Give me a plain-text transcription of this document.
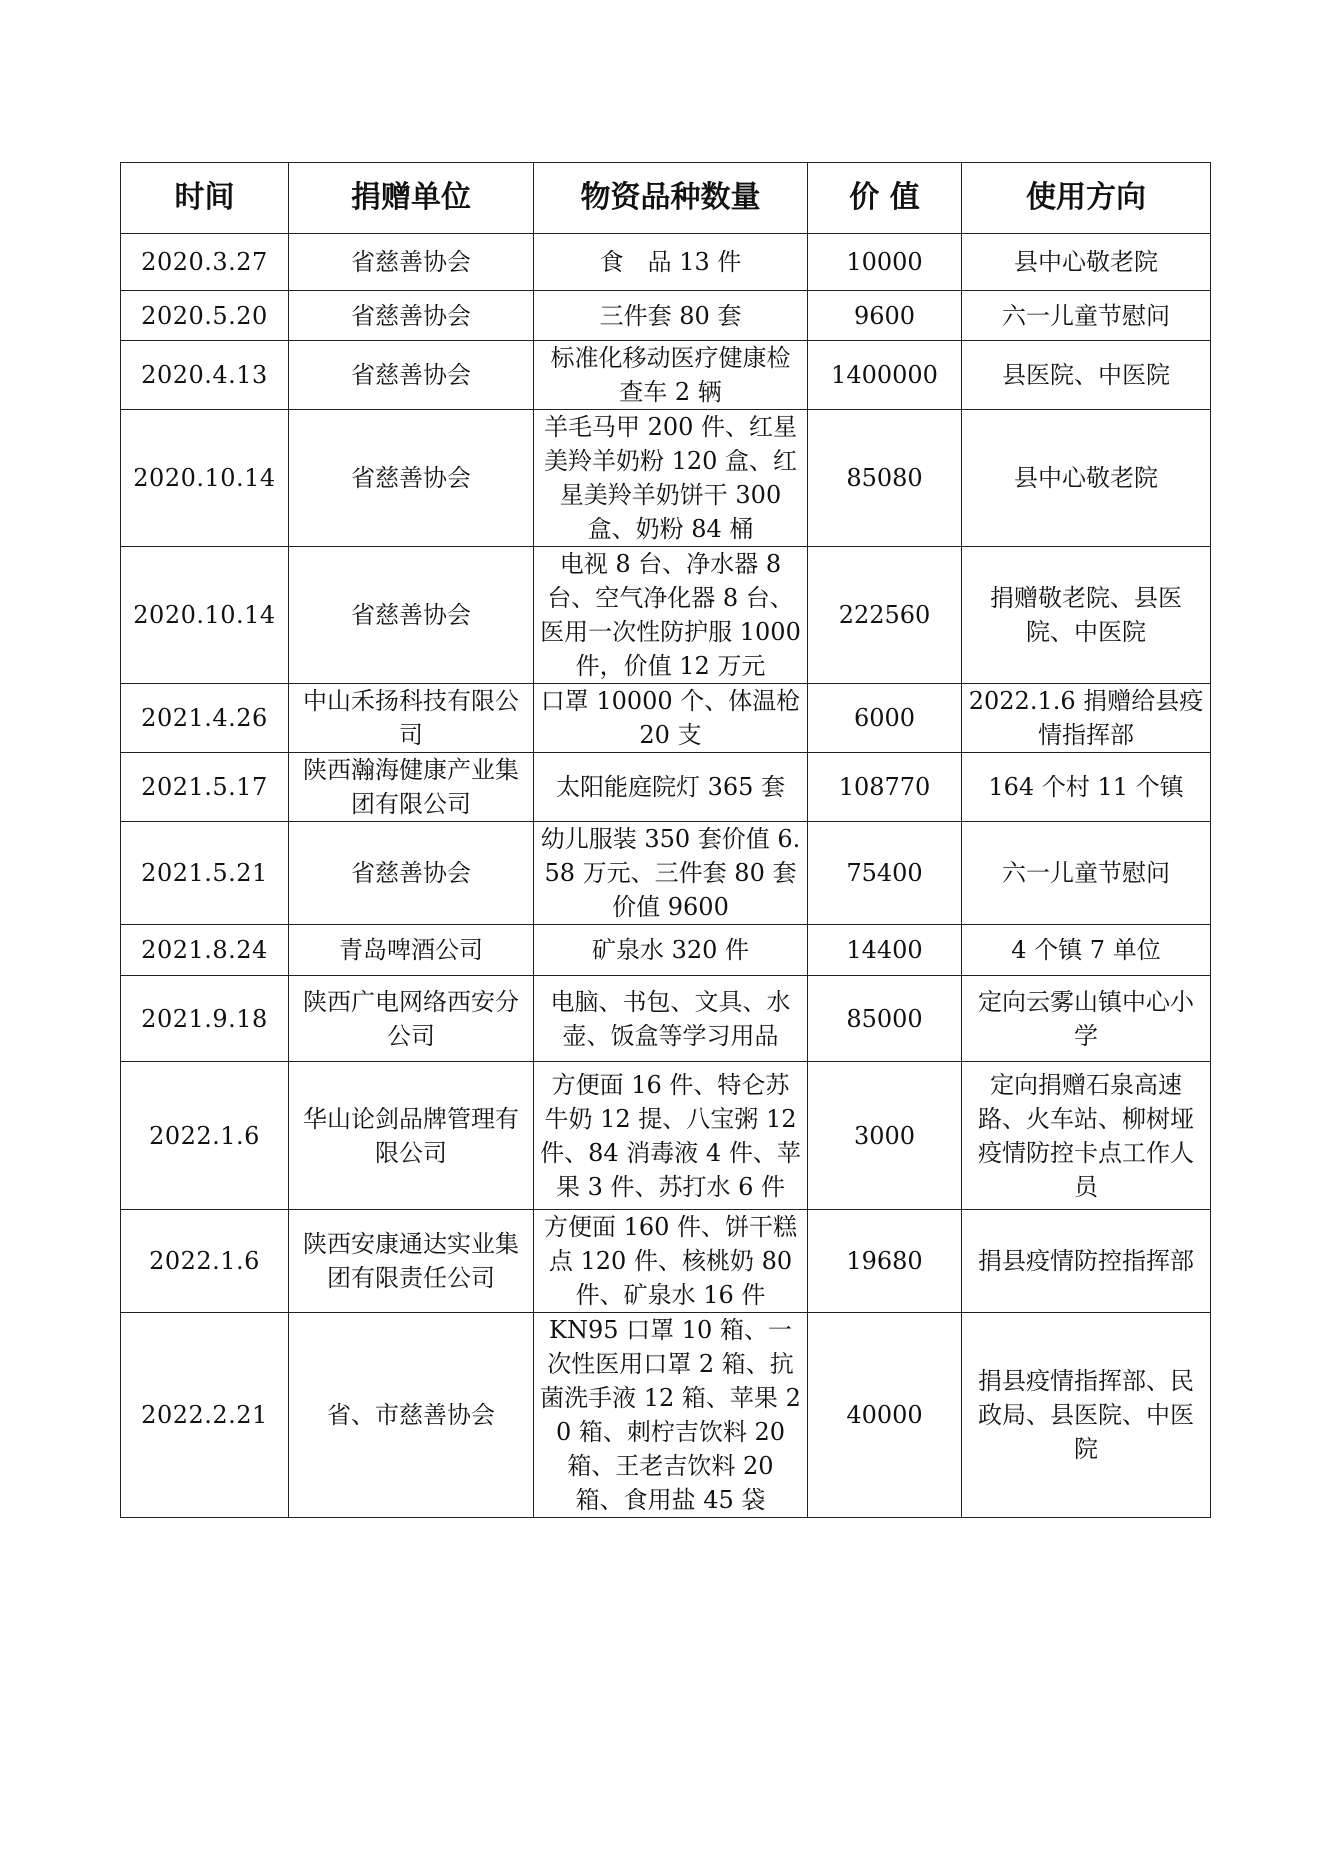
时间	捐赠单位	物资品种数量	价 值	使用方向
2020.3.27	省慈善协会	食　品 13 件	10000	县中心敬老院
2020.5.20	省慈善协会	三件套 80 套	9600	六一儿童节慰问
2020.4.13	省慈善协会	标准化移动医疗健康检查车 2 辆	1400000	县医院、中医院
2020.10.14	省慈善协会	羊毛马甲 200 件、红星美羚羊奶粉 120 盒、红星美羚羊奶饼干 300 盒、奶粉 84 桶	85080	县中心敬老院
2020.10.14	省慈善协会	电视 8 台、净水器 8 台、空气净化器 8 台、医用一次性防护服 1000 件，价值 12 万元	222560	捐赠敬老院、县医院、中医院
2021.4.26	中山禾扬科技有限公司	口罩 10000 个、体温枪 20 支	6000	2022.1.6 捐赠给县疫情指挥部
2021.5.17	陕西瀚海健康产业集团有限公司	太阳能庭院灯 365 套	108770	164 个村 11 个镇
2021.5.21	省慈善协会	幼儿服装 350 套价值 6.58 万元、三件套 80 套价值 9600	75400	六一儿童节慰问
2021.8.24	青岛啤酒公司	矿泉水 320 件	14400	4 个镇 7 单位
2021.9.18	陕西广电网络西安分公司	电脑、书包、文具、水壶、饭盒等学习用品	85000	定向云雾山镇中心小学
2022.1.6	华山论剑品牌管理有限公司	方便面 16 件、特仑苏牛奶 12 提、八宝粥 12 件、84 消毒液 4 件、苹果 3 件、苏打水 6 件	3000	定向捐赠石泉高速路、火车站、柳树垭疫情防控卡点工作人员
2022.1.6	陕西安康通达实业集团有限责任公司	方便面 160 件、饼干糕点 120 件、核桃奶 80 件、矿泉水 16 件	19680	捐县疫情防控指挥部
2022.2.21	省、市慈善协会	KN95 口罩 10 箱、一次性医用口罩 2 箱、抗菌洗手液 12 箱、苹果 20 箱、刺柠吉饮料 20 箱、王老吉饮料 20 箱、食用盐 45 袋	40000	捐县疫情指挥部、民政局、县医院、中医院
